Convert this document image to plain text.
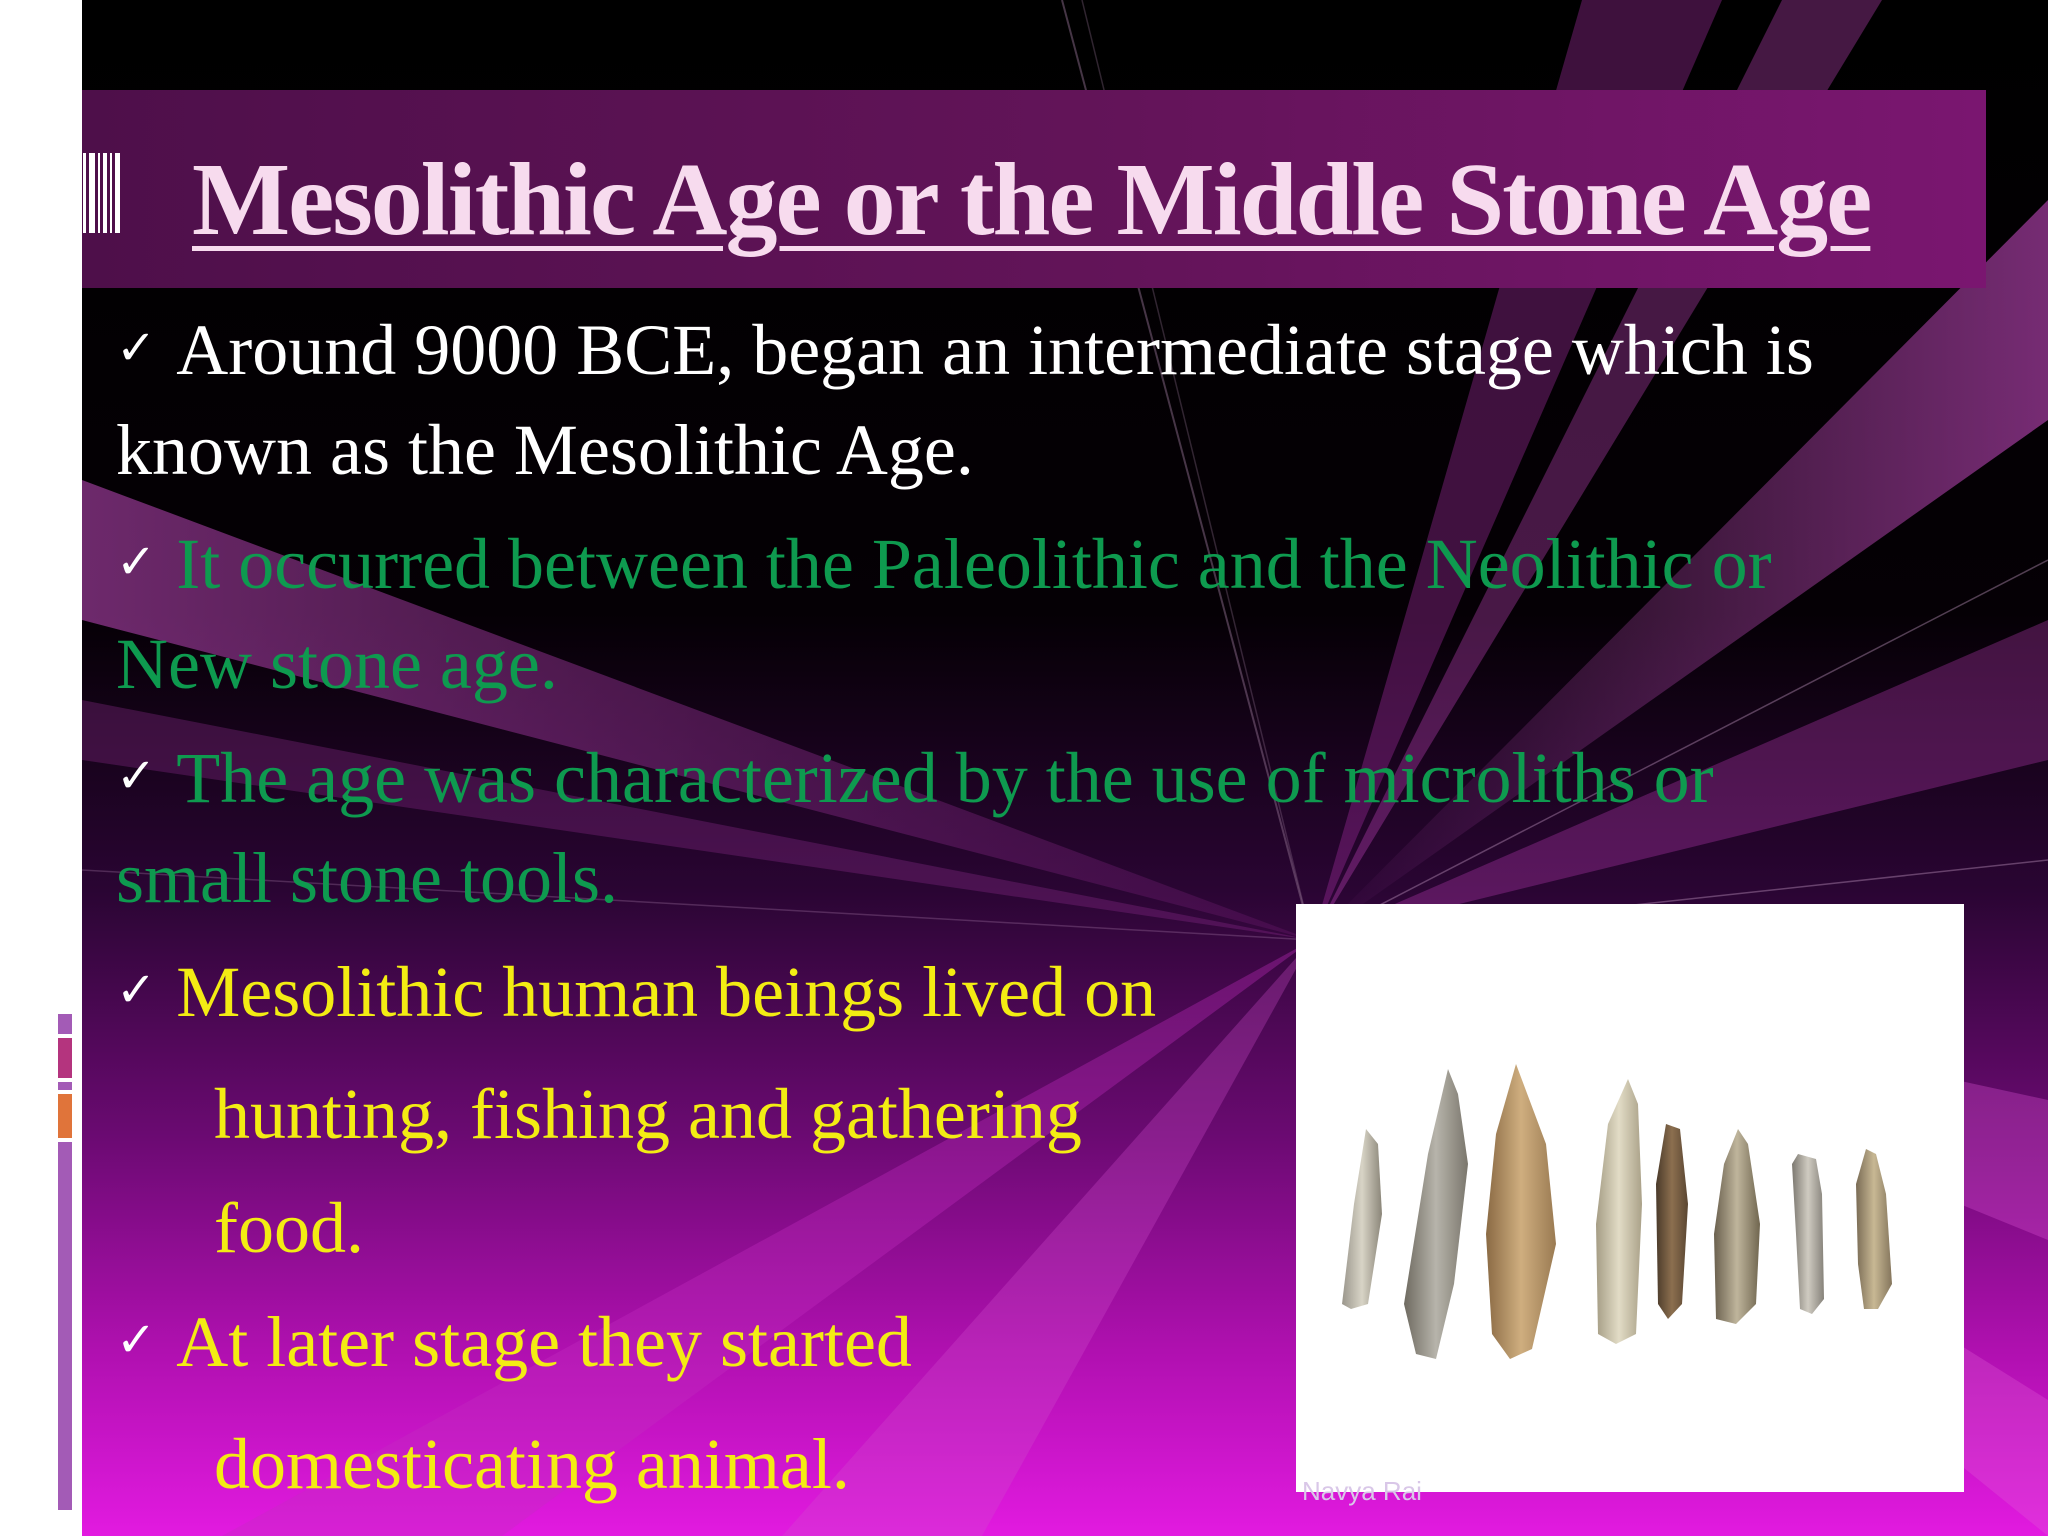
Mesolithic Age or the Middle Stone Age

✓ Around 9000 BCE, began an intermediate stage which is
known as the Mesolithic Age.

✓ It occurred between the Paleolithic and the Neolithic or
New stone age.

✓ The age was characterized by the use of microliths or
small stone tools.

✓ Mesolithic human beings lived on
hunting, fishing and gathering
food.

✓ At later stage they started
domesticating animal.	Navya Rai
